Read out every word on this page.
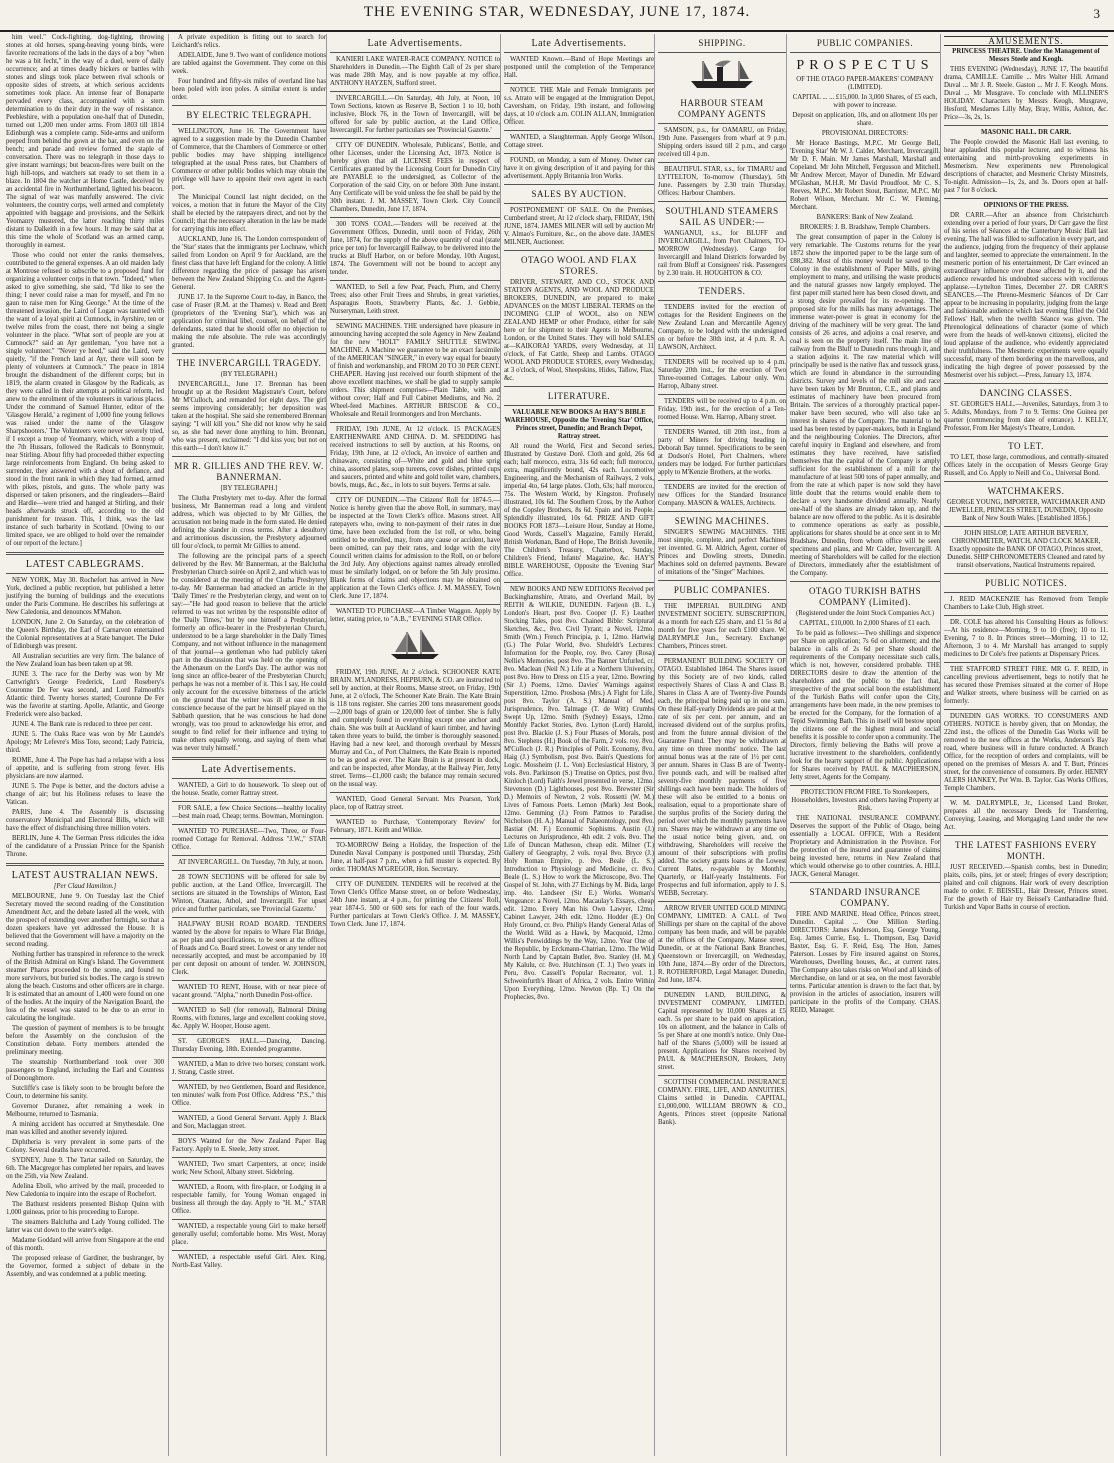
THE EVENING STAR, WEDNESDAY, JUNE 17, 1874.	3

him weel." Cock-fighting, dog-fighting, throwing stones at old horses, spang-heaving young birds, were favorite recreations of the lads in the days of a boy "when he was a bit fecht," in the way of a duel, were of daily occurrence; and at times deadly bickers or battles with stones and slings took place between rival schools or opposite sides of streets, at which serious accidents sometimes took place. An intense fear of Bonaparte pervaded every class, accompanied with a stern determination to do their duty in the way of resistance. Peebleshire, with a population one-half that of Dunedin, turned out 1,200 men under arms. From 1803 till 1814 Edinburgh was a complete camp. Side-arms and uniform peeped from behind the gown at the bar, and even on the bench; and parade and review formed the staple of conversation. There was no telegraph in those days to give instant warnings; but beacon-fires were built on the high hill-tops, and watchers sat ready to set them in a blaze. In 1804 the watcher at Home Castle, deceived by an accidental fire in Northumberland, lighted his beacon. The signal of war was manfully answered. The civic volunteers, the country corps, well armed and completely appointed with baggage and provisions, and the Selkirk Yeomanry mustered, the latter reaching thirty miles distant to Dalkeith in a few hours. It may be said that at this time the whole of Scotland was an armed camp, thoroughly in earnest.

Those who could not enter the ranks themselves, contributed to the general expenses. A an old maiden lady at Montrose refused to subscribe to a proposed fund for organizing a volunteer corps in that town. "Indeed," when asked to give something, she said, "I'd like to see the thing; I never could raise a man for myself, and I'm no gaun to raise men for King George." At the time of the threatened invasion, the Laird of Logan was taunted with the want of a loyal spirit at Cumnock, in Ayrshire, ten or twelve miles from the coast, there not being a single volunteer in the place. "What sort of people are you at Cumnock?" said an Ayr gentleman, "you have not a single volunteer." "Never ye heed," said the Laird, very quietly, "if the French land at Ayr, there will soon be plenty of volunteers at Cumnock." The peace in 1814 brought the disbandment of the different corps; but in 1819, the alarm created in Glasgow by the Radicals, as they were called in their attempts at political reform, led anew to the enrolment of the volunteers in various places. Under the command of Samuel Hunter, editor of the 'Glasgow Herald,' a regiment of 1,000 fine young fellows was raised under the name of the 'Glasgow Sharpshooters.' The Volunteers were never severely tried, if I except a troop of Yeomanry, which, with a troop of the 7th Hussars, followed the Radicals to Bonnymuir, near Stirling. About fifty had proceeded thither expecting large reinforcements from England. On being asked to surrender, they answered with a shout of defiance, and stood in the front rank in which they had formed, armed with pikes, pistols, and guns. The whole party was dispersed or taken prisoners, and the ringleaders—Baird and Hardie—were tried and hanged at Stirling, and their heads afterwards struck off, according to the old punishment for treason. This, I think, was the last instance of such barbarity in Scotland. [Owing to our limited space, we are obliged to hold over the remainder of our report of the lecture.]

LATEST CABLEGRAMS.

NEW YORK, May 30. Rochefort has arrived in New York, declined a public reception, but published a letter justifying the burning of buildings and the executions under the Paris Commune. He describes his sufferings at New Caledonia, and denounces M'Mahon.

LONDON, June 2. On Saturday, on the celebration of the Queen's Birthday, the Earl of Carnarvon entertained the Colonial representatives at a State banquet. The Duke of Edinburgh was present.

All Australian securities are very firm. The balance of the New Zealand loan has been taken up at 98.

JUNE 3. The race for the Derby was won by Mr Cartwright's George Frederick, Lord Rosebery's Couronne De Fer was second, and Lord Falmouth's Atlantic third. Twenty horses started; Couronne De Fer was the favorite at starting. Apolle, Atlantic, and George Frederick were also backed.

JUNE 4. The Bank rate is reduced to three per cent.

JUNE 5. The Oaks Race was won by Mr Launde's Apology; Mr Lefevre's Miss Toto, second; Lady Patricia, third.

ROME, June 4. The Pope has had a relapse with a loss of appetite, and is suffering from strong fever. His physicians are now alarmed.

JUNE 5. The Pope is better, and the doctors advise a change of air; but his Holiness refuses to leave the Vatican.

PARIS, June 4. The Assembly is discussing conservatory Municipal and Electoral Bills, which will have the effect of disfranchising three million voters.

BERLIN, June 4. The German Press ridicules the idea of the candidature of a Prussian Prince for the Spanish Throne.

LATEST AUSTRALIAN NEWS.

[Per Claud Hamilton.]

MELBOURNE, June 9. On Tuesday last the Chief Secretary moved the second reading of the Constitution Amendment Act, and the debate lasted all the week, with the prospect of extending over another fortnight, so that a dozen speakers have yet addressed the House. It is believed that the Government will have a majority on the second reading.

Nothing further has transpired in reference to the wreck of the British Admiral on King's Island. The Government steamer Pharos proceeded to the scene, and found no more survivors, but buried six bodies. The cargo is strewn along the beach. Customs and other officers are in charge. It is estimated that an amount of 1,400 were found on one of the bodies. At the inquiry of the Navigation Board, the loss of the vessel was stated to be due to an error in calculating the longitude.

The question of payment of members is to be brought before the Assembly on the conclusion of the Constitution debate. Forty members attended the preliminary meeting.

The steamship Northumberland took over 300 passengers to England, including the Earl and Countess of Donoughmore.

Sutcliffe's case is likely soon to be brought before the Court, to determine his sanity.

Governor Duranez, after remaining a week in Melbourne, returned to Tasmania.

A mining accident has occurred at Smythesdale. One man was killed and another severely injured.

Diphtheria is very prevalent in some parts of the Colony. Several deaths have occurred.

SYDNEY, June 9. The Tartar sailed on Saturday, the 6th. The Macgregor has completed her repairs, and leaves on the 25th, via New Zealand.

Adelina Eboli, who arrived by the mail, proceeded to New Caledonia to inquire into the escape of Rochefort.

The Bathurst residents presented Bishop Quinn with 1,000 guineas, prior to his proceeding to Europe.

The steamers Balclutha and Lady Young collided. The latter was cut down to the water's edge.

Madame Goddard will arrive from Singapore at the end of this month.

The proposed release of Gardiner, the bushranger, by the Governor, formed a subject of debate in the Assembly, and was condemned at a public meeting.

A private expedition is fitting out to search for Leichardt's relics.

ADELAIDE, June 9. Two want of confidence motions are tabled against the Government. They come on this week.

Four hundred and fifty-six miles of overland line has been poled with iron poles. A similar extent is under order.

BY ELECTRIC TELEGRAPH.

WELLINGTON, June 16. The Government have agreed to a suggestion made by the Dunedin Chamber of Commerce, that the Chambers of Commerce or other public bodies may have shipping intelligence telegraphed at the usual Press rates, but Chambers of Commerce or other public bodies which may obtain the privilege will have to appoint their own agent in each port.

The Municipal Council last night decided, on the voices, a motion that in future the Mayor of the City shall be elected by the ratepayers direct, and not by the Council; that the necessary alteration in the law be made for carrying this into effect.

AUCKLAND, June 16. The London correspondent of the 'Star' states that the immigrants per Lochnaw, which sailed from London on April 9 for Auckland, are the finest class that have left England for the colony. A little difference regarding the price of passage has arisen between the New Zealand Shipping Co. and the Agent-General.

JUNE 17. In the Supreme Court to-day, in Banco, the case of Fraser (R.M. at the Thames) v. Read and Brett (proprietors of the 'Evening Star'), which was an application for criminal libel, counsel, on behalf of the defendants, stated that he should offer no objection to making the rule absolute. The rule was accordingly granted.

THE INVERCARGILL TRAGEDY.

(BY TELEGRAPH.)

INVERCARGILL, June 17. Brennan has been brought up at the Resident Magistrate's Court, before Mr M'Culloch, and remanded for eight days. The girl seems improving considerably; her deposition was taken at the hospital. She said she remembered Brennan saying: "I will kill you." She did not know why he said so, as she had never done anything to him. Brennan, who was present, exclaimed: "I did kiss you; but not on this earth—I don't know it."

MR R. GILLIES AND THE REV. W. BANNERMAN.

[BY TELEGRAPH.]

The Clutha Presbytery met to-day. After the formal business, Mr Bannerman read a long and virulent address, which was objected to by Mr Gillies, the accusation not being made in the form stated. He denied defining the slander in cross terms. After a desultory and acrimonious discussion, the Presbytery adjourned till four o'clock, to permit Mr Gillies to amend.

The following are the principal parts of a speech delivered by the Rev. Mr Bannerman, at the Balclutha Presbyterian Church soirée on April 2, and which was to be considered at the meeting of the Clutha Presbytery to-day. Mr Bannerman had attacked an article in the 'Daily Times' re the Presbyterian clergy, and went on to say:—"He had good reason to believe that the article referred to was not written by the responsible editor of the 'Daily Times,' but by one himself a Presbyterian, formerly an office-bearer in the Presbyterian Church, understood to be a large shareholder in the Daily Times Company, and not without influence in the management of that journal—a gentleman who had publicly taken part in the discussion that was held on the opening of the Athenæum on the Lord's Day. The author was not long since an office-bearer of the Presbyterian Church; perhaps he was not a member of it. This I say, He could only account for the excessive bitterness of the article on the ground that the writer was ill at ease in his conscience because of the part he himself played on the Sabbath question, that he was conscious he had done wrongly, was too proud to acknowledge his error, and sought to find relief for their influence and trying to make others equally wrong, and saying of them what was never truly himself."

Late Advertisements.

WANTED, a Girl to do housework. To sleep out of the house. Seatle, corner Rattray street.

FOR SALE, a few Choice Sections—healthy locality—best main road, Cheap; terms. Bowman, Mornington.

WANTED TO PURCHASE—Two, Three, or Four-roomed Cottage for Removal. Address "J.W.," STAR Office.

AT INVERCARGILL. On Tuesday, 7th July, at noon.

28 TOWN SECTIONS will be offered for sale by public auction, at the Land Office, Invercargill. The sections are situated in the Townships of Winton, East Winton, Otautau, Athol, and Invercargill. For upset price and further particulars, see 'Provincial Gazette.'

HALFWAY BUSH ROAD BOARD. TENDERS wanted by the above for repairs to Whare Flat Bridge, as per plan and specifications, to be seen at the offices of Roads and Co. Board street. Lowest or any tender not necessarily accepted, and must be accompanied by 10 per cent deposit on amount of tender. W. JOHNSON, Clerk.

WANTED TO RENT, House, with or near piece of vacant ground. "Alpha," north Dunedin Post-office.

WANTED to Sell (for removal), Balmoral Dining Rooms, with fixtures, large and excellent cooking stove, &c. Apply W. Hooper, House agent.

ST. GEORGE'S HALL.—Dancing, Dancing. Thursday Evening, 18th. Extended programme.

WANTED, a Man to drive two horses; constant work. J. Strang, Castle street.

WANTED, by two Gentlemen, Board and Residence, ten minutes' walk from Post Office. Address "P.S.," this Office.

WANTED, a Good General Servant. Apply J. Black and Son, Maclaggan street.

BOYS Wanted for the New Zealand Paper Bag Factory. Apply to E. Steele, Jetty street.

WANTED, Two smart Carpenters, at once; inside work; New School, Albany street. Sidebring.

WANTED, a Room, with fire-place, or Lodging in a respectable family, for Young Woman engaged in business all through the day. Apply to "H. M.," STAR Office.

WANTED, a respectable young Girl to make herself generally useful; comfortable home. Mrs West, Moray place.

WANTED, a respectable useful Girl. Alex. King, North-East Valley.

Late Advertisements.

KANIERI LAKE WATER-RACE COMPANY. NOTICE to Shareholders in Dunedin.—The Eighth Call of 2s per share was made 28th May, and is now payable at my office. ANTHONY HAYZEN, Stafford street.

INVERCARGILL.—On Saturday, 4th July, at Noon, 10 Town Sections, known as Reserve B, Section 1 to 10, both inclusive, Block 76, in the Town of Invercargill, will be offered for sale by public auction, at the Land Office, Invercargill. For further particulars see 'Provincial Gazette.'

CITY OF DUNEDIN. Wholesale, Publicans', Bottle, and other Licenses, under the Licensing Act, 1873. Notice is hereby given that all LICENSE FEES in respect of Certificates granted by the Licensing Court for Dunedin City are PAYABLE to the undersigned, as Collector of the Corporation of the said City, on or before 30th June instant. Any Certificate will be void unless the fee shall be paid by the 30th instant. J. M. MASSEY, Town Clerk. City Council Chambers, Dunedin, June 17, 1874.

300 TONS COAL.—Tenders will be received at the Government Offices, Dunedin, until noon of Friday, 26th June, 1874, for the supply of the above quantity of coal (state price per ton) for Invercargill Railway, to be delivered into the trucks at Bluff Harbor, on or before Monday, 10th August, 1874. The Government will not be bound to accept any tender.

WANTED, to Sell a few Pear, Peach, Plum, and Cherry Trees; also other Fruit Trees and Shrubs, in great varieties, Asparagus Roots, Strawberry Plants, &c. J. Gebbie, Nurseryman, Leith street.

SEWING MACHINES. THE undersigned have pleasure in announcing having accepted the sole Agency in New Zealand for the new "HOLT" FAMILY SHUTTLE SEWING MACHINE. A Machine we guarantee to be an exact facsimile of the AMERICAN "SINGER," in every way equal for beauty of finish and workmanship, and FROM 20 TO 30 PER CENT. CHEAPER. Having just received our fourth shipment of the above excellent machines, we shall be glad to supply sample orders. This shipment comprises—Plain Table, with and without cover; Half and Full Cabinet Mediums, and No. 2 Wheel-feed Machines. ARTHUR BRISCOE & CO., Wholesale and Retail Ironmongers and Iron Merchants.

FRIDAY, 19th JUNE, At 12 o'clock. 15 PACKAGES EARTHENWARE AND CHINA. D. M. SPEDDING has received instructions to sell by auction, at his Rooms, on Friday, 19th June, at 12 o'clock, An invoice of earthen and chinaware, consisting of—White and gold and blue sprig china, assorted plates, soup tureens, cover dishes, printed cups and saucers, printed and white and gold toilet ware, chambers, bowls, mugs, &c., &c., in lots to suit buyers. Terms at sale.

CITY OF DUNEDIN.—The Citizens' Roll for 1874-5.—Notice is hereby given that the above Roll, in summary, may be inspected at the Town Clerk's office. Masons street. All ratepayers who, owing to non-payment of their rates in due time, have been excluded from the 1st roll, or who, being entitled to be enrolled, may, from any cause or accident, have been omitted, can pay their rates, and lodge with the city Council written claims for admission to the Roll, on or before the 3rd July. Any objections against names already enrolled must be similarly lodged, on or before the 5th July proximo. Blank forms of claims and objections may be obtained on application at the Town Clerk's office. J. M. MASSEY, Town Clerk. June 17, 1874.

WANTED TO PURCHASE—A Timber Waggon. Apply by letter, stating price, to "A.B.," EVENING STAR Office.

FRIDAY, 19th JUNE, At 2 o'clock. SCHOONER KATE BRAIN. M'LANDRESS, HEPBURN, & CO. are instructed to sell by auction, at their Rooms, Manse street, on Friday, 19th June, at 2 o'clock, The Schooner Kate Brain. The Kate Brain is 118 tons register. She carries 200 tons measurement goods—2,000 bags of grain or 120,000 feet of timber. She is fully and completely found in everything except one anchor and chain. She was built at Auckland of kauri timber, and having taken three years to build, the timber is thoroughly seasoned. Having had a new keel, and thorough overhaul by Messrs Murray and Co., of Port Chalmers, the Kate Brain is reported to be as good as ever. The Kate Brain is at present in dock, and can be inspected, after Monday, at the Railway Pier, Jetty street. Terms—£1,000 cash; the balance may remain secured on the usual way.

WANTED, Good General Servant. Mrs Pearson, York place, top of Rattray street.

WANTED to Purchase, 'Contemporary Review' for February, 1871. Keith and Wilkie.

TO-MORROW Being a Holiday, the Inspection of the Dunedin Naval Company is postponed until Thursday, 25th June, at half-past 7 p.m., when a full muster is expected. By order. THOMAS M'GREGOR, Hon. Secretary.

CITY OF DUNEDIN. TENDERS will be received at the Town Clerk's Office Manse street, on or before Wednesday, 24th June instant, at 4 p.m., for printing the Citizens' Roll, year 1874-5. 500 or 600 sets for each of the four wards. Further particulars at Town Clerk's Office. J. M. MASSEY, Town Clerk. June 17, 1874.

Late Advertisements.

WANTED Known.—Band of Hope Meetings are postponed until the completion of the Temperance Hall.

NOTICE. THE Male and Female Immigrants per s.s. Atrato will be engaged at the Immigration Depot, Caversham, on Friday, 19th instant, and following days, at 10 o'clock a.m. COLIN ALLAN, Immigration Officer.

WANTED, a Slaughterman. Apply George Wilson, Cottage street.

FOUND, on Monday, a sum of Money. Owner can have it on giving description of it and paying for this advertisement. Apply Britannia Iron Works.

SALES BY AUCTION.

POSTPONEMENT OF SALE. On the Premises, Cumberland street, At 12 o'clock sharp, FRIDAY, 19th JUNE, 1874. JAMES MILNER will sell by auction Mr V. Almao's Furniture, &c., on the above date. JAMES MILNER, Auctioneer.

OTAGO WOOL AND FLAX STORES.

DRIVER, STEWART, AND CO., STOCK AND STATION AGENTS, AND WOOL AND PRODUCE BROKERS, DUNEDIN, are prepared to make ADVANCES on the MOST LIBERAL TERMS on the INCOMING CLIP of WOOL, also on NEW ZEALAND HEMP or other Produce, either for sale here or for shipment to their Agents in Melbourne, London, or the United States. They will hold SALES at—KAIKORAI YARDS, every Wednesday, at 11 o'clock, of Fat Cattle, Sheep and Lambs. OTAGO WOOL AND PRODUCE STORES, every Wednesday, at 3 o'clock, of Wool, Sheepskins, Hides, Tallow, Flax, &c.

LITERATURE.

VALUABLE NEW BOOKS At HAY'S BIBLE WAREHOUSE, Opposite the 'Evening Star' Office, Princes street, Dunedin; and Branch Depot, Rattray street.

All round the World, First and Second series, Illustrated by Gustave Doré. Cloth and gold, 26s 6d each; half morocco, extra, 31s 6d each; full morocco, extra, magnificently bound, 42s each. Locomotive Engineering, and the Mechanism of Railways, 2 vols, imperial 4to, 64 large plates. Cloth, 63s; half morocco, 75s. The Western World, by Kingston. Profusely illustrated, 10s 6d. The Southern Cross, by the Author of the Copsley Brothers, 8s 6d. Spain and its People. Splendidly illustrated, 10s 6d. PRIZE AND GIFT BOOKS FOR 1873—Leisure Hour, Sunday at Home, Good Words, Cassell's Magazine, Family Herald, British Workman, Band of Hope, The British Juvenile, The Children's Treasury, Chatterbox, Sunday, Children's Friend, Infants' Magazine, &c. HAY'S BIBLE WAREHOUSE, Opposite the 'Evening Star' Office.

NEW BOOKS AND NEW EDITIONS Received per Buckinghamshire, Atrato, and Overland Mail, by REITH & WILKIE, DUNEDIN. Farjeon (B. L.) London's Heart, post 8vo. Cooper (J. F.) Leather Stocking Tales, post 8vo. Chained Bible: Scriptural Sketches, &c., 8vo. Civil Tyrant; a Novel, 12mo. Smith (Wm.) French Principia, p. 1, 12mo. Hartwig (G.) The Polar World, 8vo. Shufeldt's Lectures: Information for the People, roy. 8vo. Carey (Rosa) Nellie's Memories, post 8vo. The Banner Unfurled, cr. 8vo. Maclean (Neil N.) Life at a Northern University, post 8vo. How to Dress on £15 a year, 12mo. Bowring (Sir J.) Poems, 12mo. Davies' Warnings against Superstition, 12mo. Prosbosa (Mrs.) A Fight for Life, post 8vo. Taylor (A. S.) Manual of Med. Jurisprudence, 8vo. Talmage (T. de Witt) Crumbs Swept Up, 12mo. Smith (Sydney) Essays, 12mo. Monthly Packet Stories, 8vo. Lytton (Lord) Harold, post 8vo. Blackie (J. S.) Four Phases of Morals, post 8vo. Stephens (H.) Book of the Farm, 2 vols. roy. 8vo. M'Culloch (J. R.) Principles of Polit. Economy, 8vo. Haig (J.) Symbolism, post 8vo. Bain's Questions for Logic. Mossheim (J. L. Von) Ecclesiastical History, 3 vols. 8vo. Parkinson (S.) Treatise on Optics, post 8vo. Kinloch (Lord) Faith's Jewel presented in verse, 12mo. Stevenson (D.) Lighthouses, post 8vo. Brewster (Sir D.) Memoirs of Newton, 2 vols. Rossetti (W. M.) Lives of Famous Poets. Lemon (Mark) Jest Book, 12mo. Gemming (J.) From Patmos to Paradise. Nicholson (H. A.) Manual of Palaeontology, post 8vo. Bastiat (M. F.) Economic Sophisms. Austin (J.) Lectures on Jurisprudence, 4th edit. 2 vols. 8vo. The Life of Duncan Matheson, cheap edit. Milner (T.) Gallery of Geography, 2 vols. royal 8vo. Bryce (J.) Holy Roman Empire, p. 8vo. Beale (L. S.) Introduction to Physiology and Medicine, cr. 8vo. Beale (L. S.) How to work the Microscope, 8vo. The Gospel of St. John, with 27 Etchings by M. Bida, large imp. 4to. Landseer (Sir E.) Works. Woman's Vengeance: a Novel, 12mo. Macaulay's Essays, cheap edit. 12mo. Every Man his Own Lawyer, 12mo. Cabinet Lawyer, 24th edit. 12mo. Hodder (E.) On Holy Ground, cr. 8vo. Philip's Handy General Atlas of the World. Wild as a Hawk, by Macquoid, 12mo. Willis's Penwiddings by the Way, 12mo. Year One of the Republic, by Erckmann-Chatrian, 12mo. The Wild North Land by Captain Butler, 8vo. Stanley (H. M.) My Kalulu, cr. 8vo. Hutchinson (T. J.) Two years in Peru, 8vo. Cassell's Popular Recreator, vol. 1. Schweinfurth's Heart of Africa, 2 vols. Entire Within Upon Everything, 12mo. Newton (Bp. T.) On the Prophecies, 8vo.

SHIPPING.
HARBOUR STEAM COMPANY AGENTS

SAMSON, p.s., for OAMARU, on Friday, 19th June. Passengers from wharf at 9 p.m. Shipping orders issued till 2 p.m., and cargo received till 4 p.m.

BEAUTIFUL STAR, s.s., for TIMARU and LYTTELTON, To-morrow (Thursday), 5th June. Passengers by 2.30 train Thursday. Offices: Harbour Chambers.

SOUTHLAND STEAMERS SAIL AS UNDER:—

WANGANUI, s.s., for BLUFF and INVERCARGILL, from Port Chalmers, TO-MORROW (Wednesday). Cargo for Invercargill and Inland Districts forwarded by rail from Bluff at Consignees' risk. Passengers by 2.30 train. H. HOUGHTON & CO.

TENDERS.

TENDERS invited for the erection of cottages for the Resident Engineers on the New Zealand Loan and Mercantile Agency Company, to be lodged with the undersigned on or before the 30th inst, at 4 p.m. R. A. LAWSON, Architect.

TENDERS will be received up to 4 p.m. Saturday 20th inst., for the erection of Two Three-roomed Cottages. Labour only. Wm. Harrop, Albany street.

TENDERS will be received up to 4 p.m. on Friday, 19th inst., for the erection of a Ten-roomed House. Wm. Harrop, Albany street.

TENDERS Wanted, till 20th inst., from a party of Miners for driving heading in Deborah Bay tunnel. Specifications to be seen at Dodson's Hotel, Port Chalmers, where tenders may be lodged. For further particulars apply to M'Kenzie Brothers, at the works.

TENDERS are invited for the erection of new Offices for the Standard Insurance Company. MASON & WALES, Architects.

SEWING MACHINES.

SINGER'S SEWING MACHINES. THE most simple, complete, and perfect Machines yet invented. G. M. Aldrich, Agent, corner of Princes and Dowling streets, Dunedin. Machines sold on deferred payments. Beware of imitations of the "Singer" Machines.

PUBLIC COMPANIES.

THE IMPERIAL BUILDING AND INVESTMENT SOCIETY. SUBSCRIPTION, 4s a month for each £25 share, and £1 5s 8d a month for five years for each £100 share. W. DALRYMPLE Jun., Secretary. Exchange Chambers, Princes street.

PERMANENT BUILDING SOCIETY OF OTAGO. Established 1864. The Shares issued by this Society are of two kinds, called respectively Shares of Class A and Class B. Shares in Class A are of Twenty-five Pounds each, the principal being paid up in one sum. On these Half-yearly Dividends are paid at the rate of six per cent. per annum, and an increased dividend out of the surplus profits, and from the future annual division of the Guarantee Fund. They may be withdrawn at any time on three months' notice. The last annual bonus was at the rate of 1½ per cent. per annum. Shares in Class B are of Twenty-five pounds each, and will be realised after seventy-five monthly payments of five shillings each have been made. The holders of these will also be entitled to a bonus on realisation, equal to a proportionate share of the surplus profits of the Society during the period over which the monthly payments have run. Shares may be withdrawn at any time on the usual notice being given, and, on withdrawing, Shareholders will receive the amount of their subscriptions with profits added. The society grants loans at the Lowest Current Rates, re-payable by Monthly, Quarterly, or Half-yearly Instalments. For Prospectus and full information, apply to J. S. WEBB, Secretary.

ARROW RIVER UNITED GOLD MINING COMPANY, LIMITED. A CALL of Two Shillings per share on the capital of the above company has been made, and will be payable at the offices of the Company, Manse street, Dunedin, or at the National Bank Branches, Queenstown or Invercargill, on Wednesday, 10th June, 1874.—By order of the Directors, R. ROTHERFORD, Legal Manager. Dunedin, 2nd June, 1874.

DUNEDIN LAND, BUILDING, & INVESTMENT COMPANY, LIMITED. Capital represented by 10,000 Shares at £5 each. 5s per share to be paid on application, 10s on allotment, and the balance in Calls of 5s per Share at one month's notice. Only One-half of the Shares (5,000) will be issued at present. Applications for Shares received by PAUL & MACPHERSON, Brokers, Jetty street.

SCOTTISH COMMERCIAL INSURANCE COMPANY. FIRE, LIFE, AND ANNUITIES. Claims settled in Dunedin. CAPITAL, £1,000,000. WILLIAM BROWN & CO., Agents, Princes street (opposite National Bank).

PUBLIC COMPANIES.
PROSPECTUS

OF THE OTAGO PAPER-MAKERS' COMPANY (LIMITED).

CAPITAL ... ... £15,000. In 3,000 Shares, of £5 each, with power to increase.

Deposit on application, 10s, and on allotment 10s per share.

PROVISIONAL DIRECTORS:

Mr Horace Bastings, M.P.C. Mr George Bell, 'Evening Star' Mr W. J. Calder, Merchant, Invercargill. Mr D. F. Main. Mr James Marshall, Marshall and Copeland. Mr John Mitchell, Fergusson and Mitchell. Mr Andrew Mercer, Mayor of Dunedin. Mr Edward M'Glashan, M.H.R. Mr David Proudfoot. Mr C. S. Reeves, M.P.C. Mr Robert Stout, Barrister, M.P.C. Mr Robert Wilson, Merchant. Mr C. W. Fleming, Merchant.

BANKERS: Bank of New Zealand.

BROKERS: J. B. Bradshaw, Temple Chambers.

The great consumption of paper in the Colony is very remarkable. The Customs returns for the year 1872 show the imported paper to be the large sum of £88,382. Most of this money would be saved to the Colony in the establishment of Paper Mills, giving employment to many, and utilising the waste products and the natural grasses now largely employed. The first paper mill started here has been closed down, and a strong desire prevailed for its re-opening. The proposed site for the mills has many advantages. The immense water-power is great in economy for the driving of the machinery will be very great. The land consists of 26 acres, and adjoins a coal reserve, and coal is seen on the property itself. The main line of railway from the Bluff to Dunedin runs through it, and a station adjoins it. The raw material which will principally be used is the native flax and tussock grass, which are found in abundance in the surrounding districts. Survey and levels of the mill site and race have been taken by Mr Brunton, C.E., and plans and estimates of machinery have been procured from Britain. The services of a thoroughly practical paper-maker have been secured, who will also take an interest in shares of the Company. The material to be used has been tested by paper-makers, both in England and the neighbouring Colonies. The Directors, after careful inquiry in England and elsewhere, and from estimates they have received, have satisfied themselves that the capital of the Company is amply sufficient for the establishment of a mill for the manufacture of at least 500 tons of paper annually, and from the rate at which paper is now sold they have little doubt that the returns would enable them to declare a very handsome dividend annually. Nearly one-half of the shares are already taken up, and the balance are now offered to the public. As it is desirable to commence operations as early as possible, applications for shares should be at once sent in to Mr Bradshaw, Dunedin, from whom office will be seen specimens and plans, and Mr Calder, Invercargill. A meeting of Shareholders will be called for the election of Directors, immediately after the establishment of the Company.

OTAGO TURKISH BATHS COMPANY (Limited).

(Registered under the Joint Stock Companies Act.)

CAPITAL, £10,000. In 2,000 Shares of £1 each.

To be paid as follows:—Two shillings and sixpence per Share on application; 7s 6d on allotment; and the balance in calls of 2s 6d per Share should the requirements of the Company necessitate such calls, which is not, however, considered probable. THE DIRECTORS desire to draw the attention of the shareholders and the public to the fact that, irrespective of the great social boon the establishment of the Turkish Baths will confer upon the City, arrangements have been made, in the new premises to be erected for the Company, for the formation of a Tepid Swimming Bath. This in itself will bestow upon the citizens one of the highest moral and social benefits it is possible to confer upon a community. The Directors, firmly believing the Baths will prove a lucrative investment to the shareholders, confidently look for the hearty support of the public. Applications for Shares received by PAUL & MACPHERSON, Jetty street, Agents for the Company.

PROTECTION FROM FIRE. To Storekeepers, Householders, Investors and others having Property at Risk.

THE NATIONAL INSURANCE COMPANY. Deserves the support of the Public of Otago, being essentially a LOCAL OFFICE, With a Resident Proprietary and Administration in the Province. For the protection of the insured and guarantee of claims being invested here, returns in New Zealand that which would otherwise go to other countries. A. HILL JACK, General Manager.

STANDARD INSURANCE COMPANY.

FIRE AND MARINE. Head Office, Princes street, Dunedin. Capital ... One Million Sterling. DIRECTORS: James Anderson, Esq. George Young, Esq. James Currie, Esq. L. Thompson, Esq. David Baxter, Esq. G. F. Reid, Esq. The Hon. James Paterson. Losses by Fire insured against on Stores, Warehouses, Dwelling houses, &c., at current rates. The Company also takes risks on Wool and all kinds of Merchandise, on land or at sea, on the most favorable terms. Particular attention is drawn to the fact that, by provision in the articles of association, insurers will participate in the profits of the Company. CHAS. REID, Manager.

AMUSEMENTS.

PRINCESS THEATRE. Under the Management of Messrs Steele and Keogh.

THIS EVENING (Wednesday), JUNE 17, The beautiful drama, CAMILLE. Camille ... Mrs Walter Hill. Armand Duval ... Mr J. R. Steele. Gaston ... Mr J. F. Keogh. Mons. Duval ... Mr Musgrave. To conclude with MLLINER'S HOLIDAY. Characters by Messrs Keogh, Musgrave, Hesford, Mesdames Lilly May, Bray, Willis, Ashton, &c. Price—3s, 2s, 1s.

MASONIC HALL. DR CARR.

The People crowded the Masonic Hall last evening, to hear applauded this popular lecturer, and to witness his entertaining and mirth-provoking experiments in Mesmerism. New experiments new Phrenological descriptions of character, and Mesmeric Christy Minstrels, To-night. Admission—1s, 2s, and 3s. Doors open at half-past 7 for 8 o'clock.

OPINIONS OF THE PRESS.

DR CARR.—After an absence from Christchurch extending over a period of four years, Dr Carr gave the first of his series of Séances at the Canterbury Music Hall last evening. The hall was filled to suffocation in every part, and the audience, judging from the frequency of their applause and laughter, seemed to appreciate the entertainment. In the mesmeric portion of his entertainment, Dr Carr evinced an extraordinary influence over those affected by it, and the audience rewarded his undoubted success with vociferous applause.—Lyttelton Times, December 27. DR CARR'S SÉANCES.—The Phreno-Mesmeric Séances of Dr Carr appear to be increasing in popularity, judging from the large and fashionable audience which last evening filled the Odd Fellows' Hall, when the twelfth Séance was given. The Phrenological delineations of character (some of which were from the heads of well-known citizens), elicited the loud applause of the audience, who evidently appreciated their truthfulness. The Mesmeric experiments were equally successful, many of them bordering on the marvellous, and indicating the high degree of power possessed by the Mesmerist over his subject.—Press, January 13, 1874.

DANCING CLASSES.

ST. GEORGE'S HALL.—Juveniles, Saturdays, from 3 to 5. Adults, Mondays, from 7 to 9. Terms: One Guinea per quarter (commencing from date of entrance). J. KELLY, Professor, From Her Majesty's Theatre, London.

TO LET.

TO LET, those large, commodious, and centrally-situated Offices lately in the occupation of Messrs George Gray Russell, and Co. Apply to Neill and Co., Universal Bond.

WATCHMAKERS.

GEORGE YOUNG, IMPORTER, WATCHMAKER AND JEWELLER, PRINCES STREET, DUNEDIN, Opposite Bank of New South Wales. [Established 1856.]

JOHN HISLOP, LATE ARTHUR BEVERLY, CHRONOMETER, WATCH, AND CLOCK MAKER, Exactly opposite the BANK OF OTAGO, Princes street, Dunedin. SHIP CHRONOMETERS Cleaned and rated by transit observations, Nautical Instruments repaired.

PUBLIC NOTICES.

J. REID MACKENZIE has Removed from Temple Chambers to Lake Club, High street.

DR. COLE has altered his Consulting Hours as follows:—At his residence—Morning, 9 to 10 (free); 10 to 11. Evening, 7 to 8. In Princes street—Morning, 11 to 12, Afternoon, 3 to 4. Mr Marshall has arranged to supply medicines to Dr Cole's free patients at Dispensary Prices.

THE STAFFORD STREET FIRE. MR G. F. REID, in cancelling previous advertisement, begs to notify that he has secured those Premises situated at the corner of Hope and Walker streets, where business will be carried on as formerly.

DUNEDIN GAS WORKS. TO CONSUMERS AND OTHERS. NOTICE is hereby given, that on Monday, the 22nd inst., the offices of the Dunedin Gas Works will be removed to the new offices at the Works, Anderson's Bay road, where business will in future conducted. A Branch Office, for the reception of orders and complaints, will be opened on the premises of Messrs A. and T. Burt, Princes street, for the convenience of consumers. By order. HENRY ALERS HANKEY, Per Wm. B. Taylor. Gas Works Offices, Temple Chambers.

W. M. DALRYMPLE, Jr., Licensed Land Broker, prepares all the necessary Deeds for Transferring, Conveying, Leasing, and Mortgaging Land under the new Act.

THE LATEST FASHIONS EVERY MONTH.

JUST RECEIVED.—Spanish combs, best in Dunedin; plaits, coils, pins, jet or steel; fringes of every description; plaited and coil chignons. Hair work of every description made to order. F. BEISSEL, Hair Dresser, Princes street. For the growth of Hair try Beissel's Cantharadine fluid. Turkish and Vapor Baths in course of erection.
